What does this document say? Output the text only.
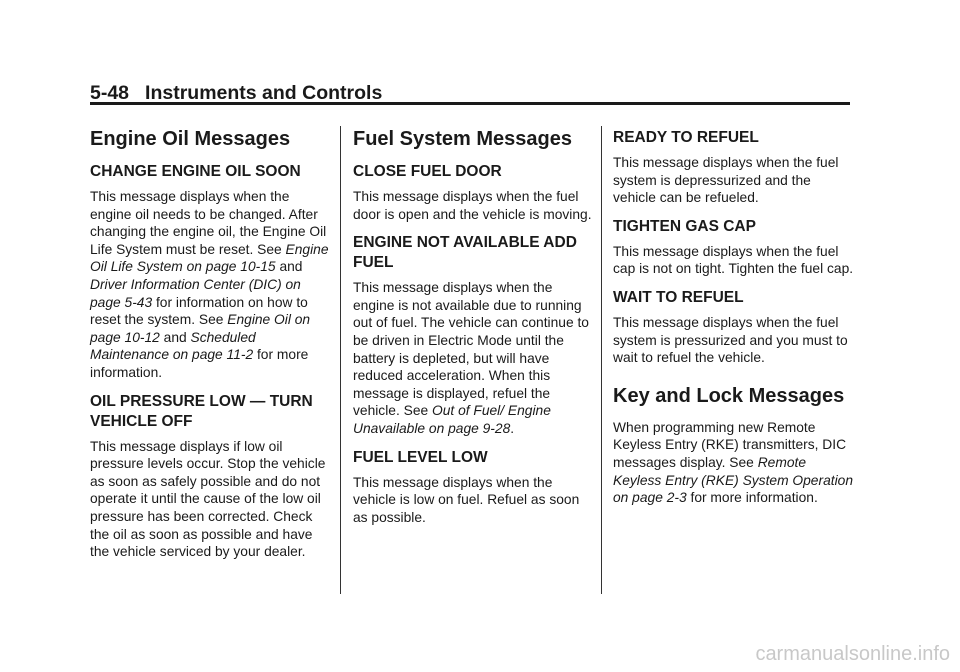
5-48 Instruments and Controls
Engine Oil Messages
CHANGE ENGINE OIL SOON

This message displays when the engine oil needs to be changed. After changing the engine oil, the Engine Oil Life System must be reset. See Engine Oil Life System on page 10-15 and Driver Information Center (DIC) on page 5-43 for information on how to reset the system. See Engine Oil on page 10-12 and Scheduled Maintenance on page 11-2 for more information.

OIL PRESSURE LOW — TURN VEHICLE OFF

This message displays if low oil pressure levels occur. Stop the vehicle as soon as safely possible and do not operate it until the cause of the low oil pressure has been corrected. Check the oil as soon as possible and have the vehicle serviced by your dealer.

Fuel System Messages
CLOSE FUEL DOOR

This message displays when the fuel door is open and the vehicle is moving.

ENGINE NOT AVAILABLE ADD FUEL

This message displays when the engine is not available due to running out of fuel. The vehicle can continue to be driven in Electric Mode until the battery is depleted, but will have reduced acceleration. When this message is displayed, refuel the vehicle. See Out of Fuel/ Engine Unavailable on page 9-28.

FUEL LEVEL LOW

This message displays when the vehicle is low on fuel. Refuel as soon as possible.

READY TO REFUEL

This message displays when the fuel system is depressurized and the vehicle can be refueled.

TIGHTEN GAS CAP

This message displays when the fuel cap is not on tight. Tighten the fuel cap.

WAIT TO REFUEL

This message displays when the fuel system is pressurized and you must to wait to refuel the vehicle.

Key and Lock Messages

When programming new Remote Keyless Entry (RKE) transmitters, DIC messages display. See Remote Keyless Entry (RKE) System Operation on page 2-3 for more information.

carmanualsonline.info
